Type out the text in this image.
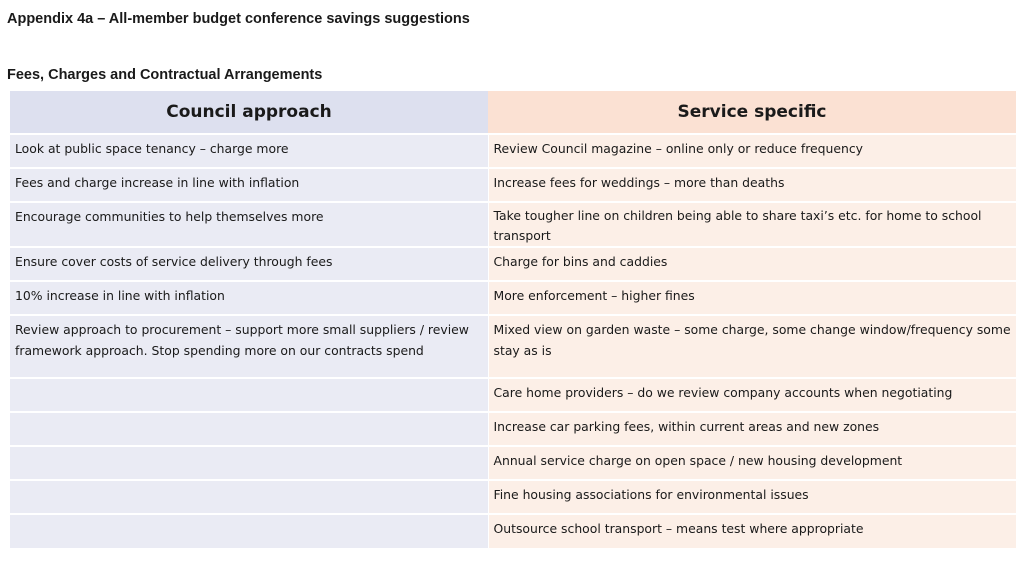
Appendix 4a – All-member budget conference savings suggestions
Fees, Charges and Contractual Arrangements
Council approach	Service specific
Look at public space tenancy – charge more	Review Council magazine – online only or reduce frequency
Fees and charge increase in line with inflation	Increase fees for weddings – more than deaths
Encourage communities to help themselves more	Take tougher line on children being able to share taxi’s etc. for home to school transport
Ensure cover costs of service delivery through fees	Charge for bins and caddies
10% increase in line with inflation	More enforcement – higher fines
Review approach to procurement – support more small suppliers / review framework approach. Stop spending more on our contracts spend	Mixed view on garden waste – some charge, some change window/frequency some stay as is
	Care home providers – do we review company accounts when negotiating
	Increase car parking fees, within current areas and new zones
	Annual service charge on open space / new housing development
	Fine housing associations for environmental issues
	Outsource school transport – means test where appropriate
